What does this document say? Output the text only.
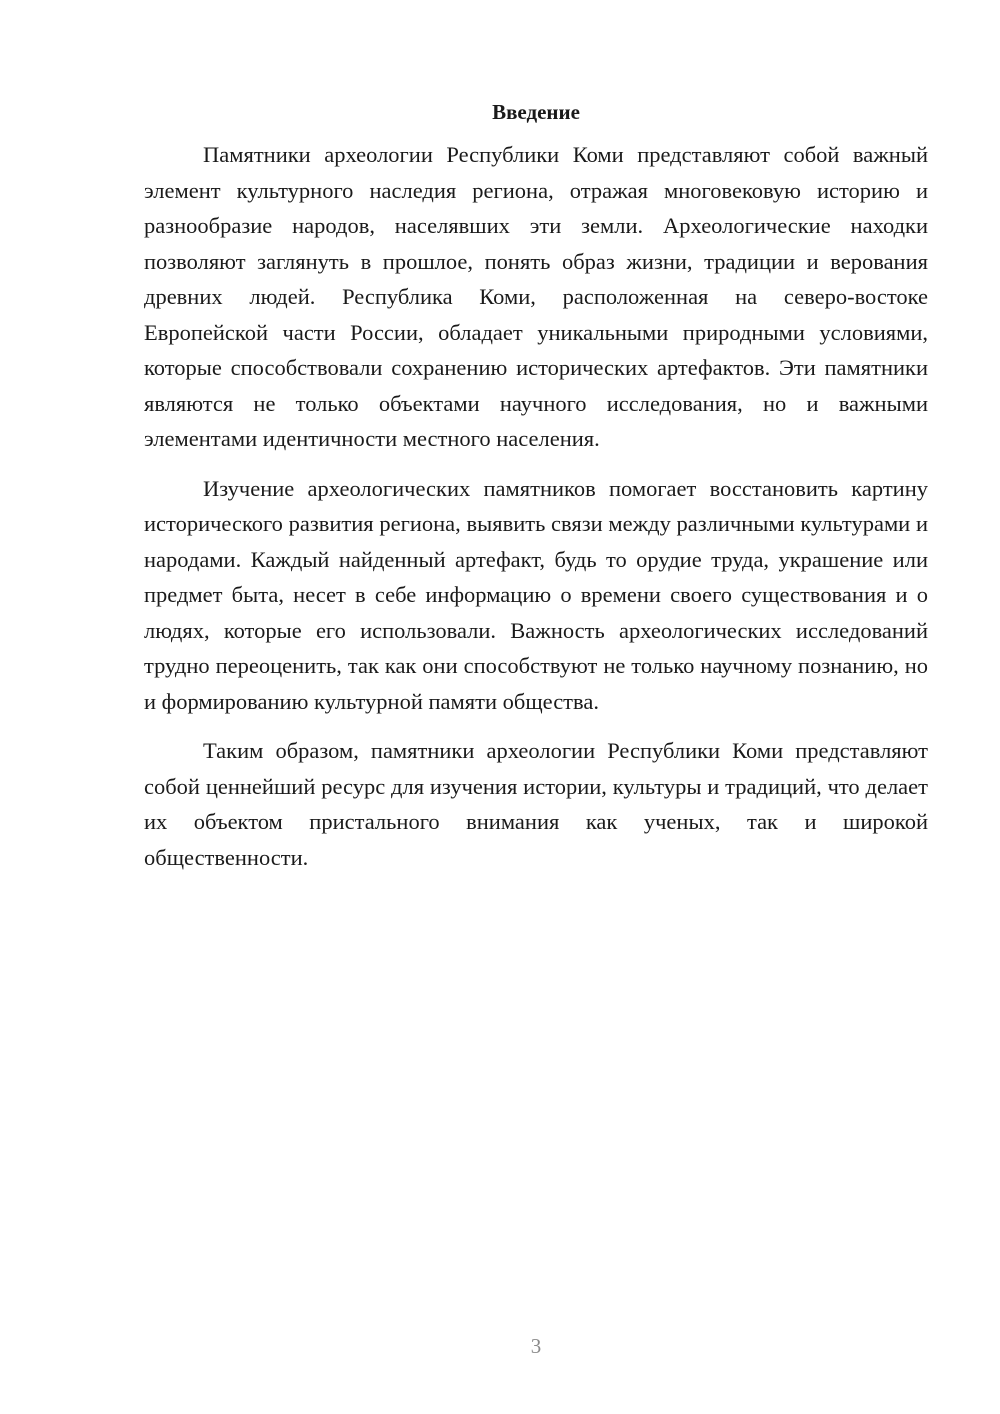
Введение

Памятники археологии Республики Коми представляют собой важный элемент культурного наследия региона, отражая многовековую историю и разнообразие народов, населявших эти земли. Археологические находки позволяют заглянуть в прошлое, понять образ жизни, традиции и верования древних людей. Республика Коми, расположенная на северо-востоке Европейской части России, обладает уникальными природными условиями, которые способствовали сохранению исторических артефактов. Эти памятники являются не только объектами научного исследования, но и важными элементами идентичности местного населения.

Изучение археологических памятников помогает восстановить картину исторического развития региона, выявить связи между различными культурами и народами. Каждый найденный артефакт, будь то орудие труда, украшение или предмет быта, несет в себе информацию о времени своего существования и о людях, которые его использовали. Важность археологических исследований трудно переоценить, так как они способствуют не только научному познанию, но и формированию культурной памяти общества.

Таким образом, памятники археологии Республики Коми представляют собой ценнейший ресурс для изучения истории, культуры и традиций, что делает их объектом пристального внимания как ученых, так и широкой общественности.

3
